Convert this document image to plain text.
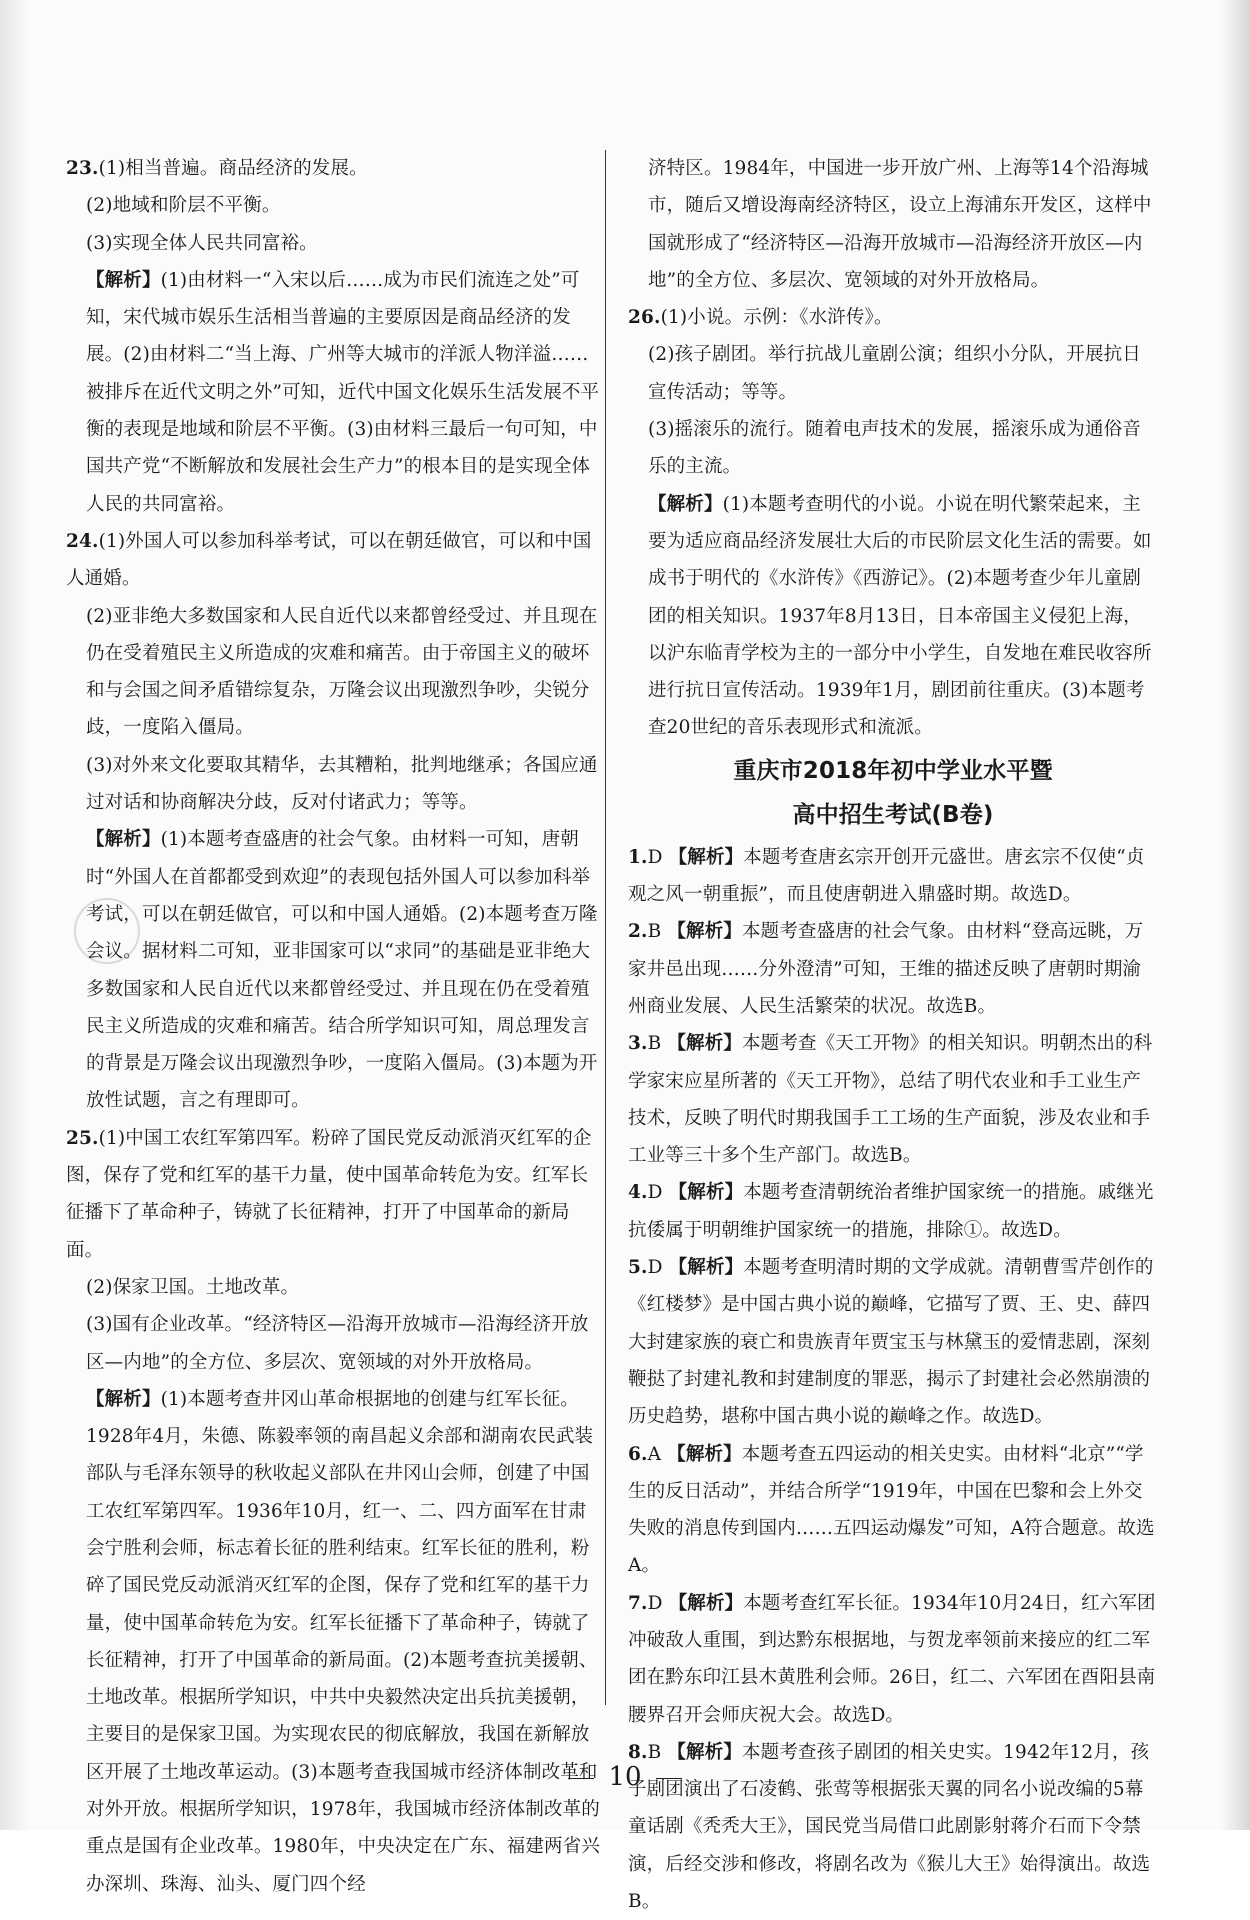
23.(1)相当普遍。商品经济的发展。

(2)地域和阶层不平衡。

(3)实现全体人民共同富裕。

【解析】(1)由材料一“入宋以后……成为市民们流连之处”可知，宋代城市娱乐生活相当普遍的主要原因是商品经济的发展。(2)由材料二“当上海、广州等大城市的洋派人物洋溢……被排斥在近代文明之外”可知，近代中国文化娱乐生活发展不平衡的表现是地域和阶层不平衡。(3)由材料三最后一句可知，中国共产党“不断解放和发展社会生产力”的根本目的是实现全体人民的共同富裕。

24.(1)外国人可以参加科举考试，可以在朝廷做官，可以和中国人通婚。

(2)亚非绝大多数国家和人民自近代以来都曾经受过、并且现在仍在受着殖民主义所造成的灾难和痛苦。由于帝国主义的破坏和与会国之间矛盾错综复杂，万隆会议出现激烈争吵，尖锐分歧，一度陷入僵局。

(3)对外来文化要取其精华，去其糟粕，批判地继承；各国应通过对话和协商解决分歧，反对付诸武力；等等。

【解析】(1)本题考查盛唐的社会气象。由材料一可知，唐朝时“外国人在首都都受到欢迎”的表现包括外国人可以参加科举考试，可以在朝廷做官，可以和中国人通婚。(2)本题考查万隆会议。据材料二可知，亚非国家可以“求同”的基础是亚非绝大多数国家和人民自近代以来都曾经受过、并且现在仍在受着殖民主义所造成的灾难和痛苦。结合所学知识可知，周总理发言的背景是万隆会议出现激烈争吵，一度陷入僵局。(3)本题为开放性试题，言之有理即可。

25.(1)中国工农红军第四军。粉碎了国民党反动派消灭红军的企图，保存了党和红军的基干力量，使中国革命转危为安。红军长征播下了革命种子，铸就了长征精神，打开了中国革命的新局面。

(2)保家卫国。土地改革。

(3)国有企业改革。“经济特区—沿海开放城市—沿海经济开放区—内地”的全方位、多层次、宽领域的对外开放格局。

【解析】(1)本题考查井冈山革命根据地的创建与红军长征。1928年4月，朱德、陈毅率领的南昌起义余部和湖南农民武装部队与毛泽东领导的秋收起义部队在井冈山会师，创建了中国工农红军第四军。1936年10月，红一、二、四方面军在甘肃会宁胜利会师，标志着长征的胜利结束。红军长征的胜利，粉碎了国民党反动派消灭红军的企图，保存了党和红军的基干力量，使中国革命转危为安。红军长征播下了革命种子，铸就了长征精神，打开了中国革命的新局面。(2)本题考查抗美援朝、土地改革。根据所学知识，中共中央毅然决定出兵抗美援朝，主要目的是保家卫国。为实现农民的彻底解放，我国在新解放区开展了土地改革运动。(3)本题考查我国城市经济体制改革和对外开放。根据所学知识，1978年，我国城市经济体制改革的重点是国有企业改革。1980年，中央决定在广东、福建两省兴办深圳、珠海、汕头、厦门四个经

济特区。1984年，中国进一步开放广州、上海等14个沿海城市，随后又增设海南经济特区，设立上海浦东开发区，这样中国就形成了“经济特区—沿海开放城市—沿海经济开放区—内地”的全方位、多层次、宽领域的对外开放格局。

26.(1)小说。示例：《水浒传》。

(2)孩子剧团。举行抗战儿童剧公演；组织小分队，开展抗日宣传活动；等等。

(3)摇滚乐的流行。随着电声技术的发展，摇滚乐成为通俗音乐的主流。

【解析】(1)本题考查明代的小说。小说在明代繁荣起来，主要为适应商品经济发展壮大后的市民阶层文化生活的需要。如成书于明代的《水浒传》《西游记》。(2)本题考查少年儿童剧团的相关知识。1937年8月13日，日本帝国主义侵犯上海，以沪东临青学校为主的一部分中小学生，自发地在难民收容所进行抗日宣传活动。1939年1月，剧团前往重庆。(3)本题考查20世纪的音乐表现形式和流派。

重庆市2018年初中学业水平暨
高中招生考试(B卷)

1.D 【解析】本题考查唐玄宗开创开元盛世。唐玄宗不仅使“贞观之风一朝重振”，而且使唐朝进入鼎盛时期。故选D。

2.B 【解析】本题考查盛唐的社会气象。由材料“登高远眺，万家井邑出现……分外澄清”可知，王维的描述反映了唐朝时期渝州商业发展、人民生活繁荣的状况。故选B。

3.B 【解析】本题考查《天工开物》的相关知识。明朝杰出的科学家宋应星所著的《天工开物》，总结了明代农业和手工业生产技术，反映了明代时期我国手工工场的生产面貌，涉及农业和手工业等三十多个生产部门。故选B。

4.D 【解析】本题考查清朝统治者维护国家统一的措施。戚继光抗倭属于明朝维护国家统一的措施，排除①。故选D。

5.D 【解析】本题考查明清时期的文学成就。清朝曹雪芹创作的《红楼梦》是中国古典小说的巅峰，它描写了贾、王、史、薛四大封建家族的衰亡和贵族青年贾宝玉与林黛玉的爱情悲剧，深刻鞭挞了封建礼教和封建制度的罪恶，揭示了封建社会必然崩溃的历史趋势，堪称中国古典小说的巅峰之作。故选D。

6.A 【解析】本题考查五四运动的相关史实。由材料“北京”“学生的反日活动”，并结合所学“1919年，中国在巴黎和会上外交失败的消息传到国内……五四运动爆发”可知，A符合题意。故选A。

7.D 【解析】本题考查红军长征。1934年10月24日，红六军团冲破敌人重围，到达黔东根据地，与贺龙率领前来接应的红二军团在黔东印江县木黄胜利会师。26日，红二、六军团在酉阳县南腰界召开会师庆祝大会。故选D。

8.B 【解析】本题考查孩子剧团的相关史实。1942年12月，孩子剧团演出了石凌鹤、张莺等根据张天翼的同名小说改编的5幕童话剧《秃秃大王》，国民党当局借口此剧影射蒋介石而下令禁演，后经交涉和修改，将剧名改为《猴儿大王》始得演出。故选B。

10
